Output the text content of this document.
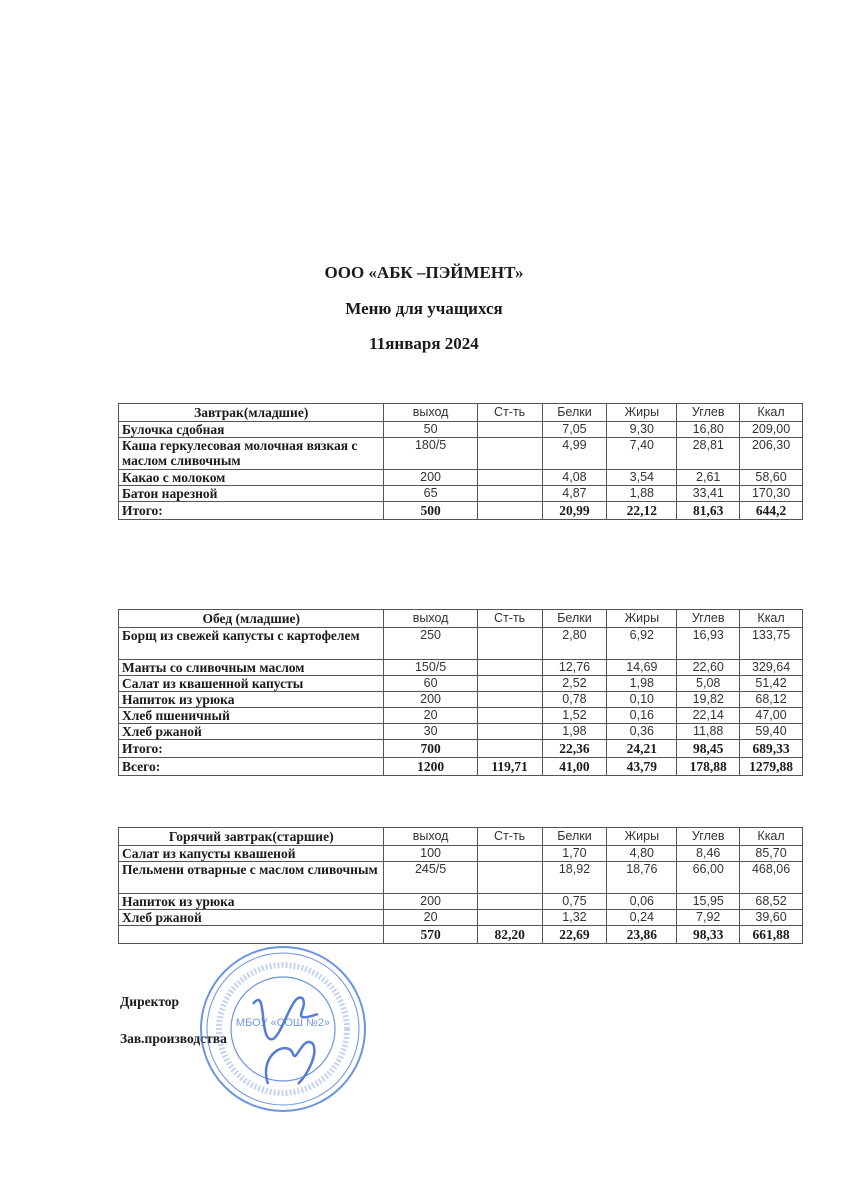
ООО «АБК –ПЭЙМЕНТ»
Меню для учащихся
11января 2024
Завтрак(младшие)	выход	Ст-ть	Белки	Жиры	Углев	Ккал
Булочка сдобная	50		7,05	9,30	16,80	209,00
Каша геркулесовая молочная вязкая с маслом сливочным	180/5		4,99	7,40	28,81	206,30
Какао с молоком	200		4,08	3,54	2,61	58,60
Батон нарезной	65		4,87	1,88	33,41	170,30
Итого:	500		20,99	22,12	81,63	644,2
Обед (младшие)	выход	Ст-ть	Белки	Жиры	Углев	Ккал
Борщ из свежей капусты с картофелем	250		2,80	6,92	16,93	133,75
Манты со сливочным маслом	150/5		12,76	14,69	22,60	329,64
Салат из квашенной капусты	60		2,52	1,98	5,08	51,42
Напиток из урюка	200		0,78	0,10	19,82	68,12
Хлеб пшеничный	20		1,52	0,16	22,14	47,00
Хлеб ржаной	30		1,98	0,36	11,88	59,40
Итого:	700		22,36	24,21	98,45	689,33
Всего:	1200	119,71	41,00	43,79	178,88	1279,88
Горячий завтрак(старшие)	выход	Ст-ть	Белки	Жиры	Углев	Ккал
Салат из капусты квашеной	100		1,70	4,80	8,46	85,70
Пельмени отварные с маслом сливочным	245/5		18,92	18,76	66,00	468,06
Напиток из урюка	200		0,75	0,06	15,95	68,52
Хлеб ржаной	20		1,32	0,24	7,92	39,60
	570	82,20	22,69	23,86	98,33	661,88
Директор
Зав.производства
МБОУ «СОШ №2»
